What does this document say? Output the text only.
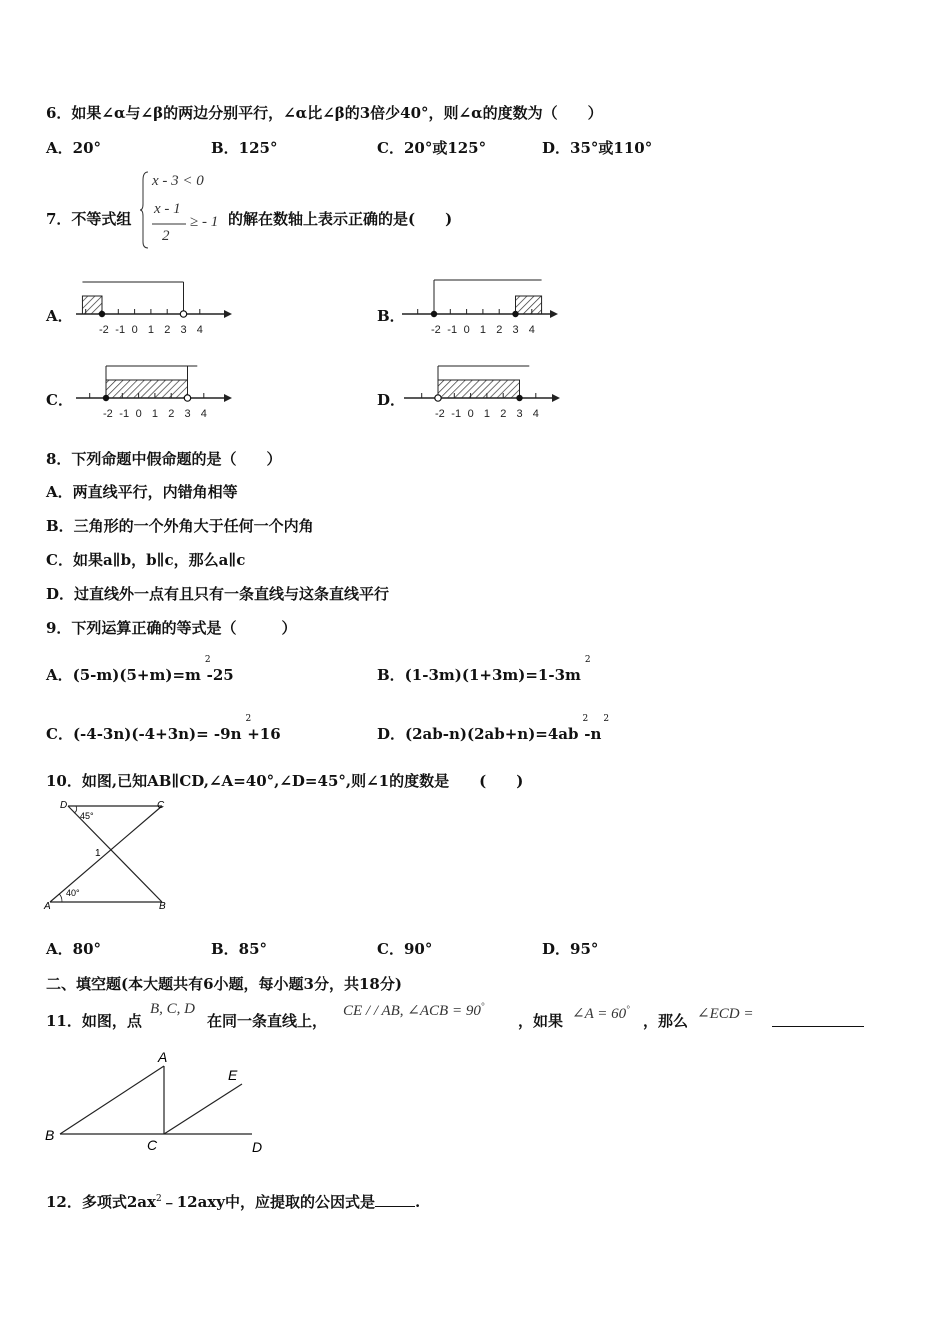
6．如果∠α与∠β的两边分别平行，∠α比∠β的3倍少40°，则∠α的度数为（　　）
A．20°	B．125°	C．20°或125°	D．35°或110°
7．不等式组
x - 3 < 0
x - 1
2
≥ - 1 的解在数轴上表示正确的是(　　)
A．
-2 -1 0 1 2 3 4
B．
-2 -1 0 1 2 3 4
C．
-2 -1 0 1 2 3 4
D．
-2 -1 0 1 2 3 4
8．下列命题中假命题的是（　　）
A．两直线平行，内错角相等
B．三角形的一个外角大于任何一个内角
C．如果a∥b，b∥c，那么a∥c
D．过直线外一点有且只有一条直线与这条直线平行
9．下列运算正确的等式是（　　　）
A．$(5-m)(5+m)=m^2-25$	B．$(1-3m)(1+3m)=1-3m^2$
C．$(-4-3n)(-4+3n)= -9n^2+16$	D．$(2ab-n)(2ab+n)=4ab^2-n^2$
10．如图,已知AB∥CD,∠A=40°,∠D=45°,则∠1的度数是　　(　　)
D	C
A	B
1
45°
40°
A．80°	B．85°	C．90°	D．95°
二、填空题(本大题共有6小题，每小题3分，共18分)
11．如图，点
B, C, D
在同一条直线上，
CE / / AB, ∠ACB = 90°
，如果 ∠A = 60°
，那么 ∠ECD =
A
B
C	D
E
12．多项式$2ax^2﹣12axy$中，应提取的公因式是	.
